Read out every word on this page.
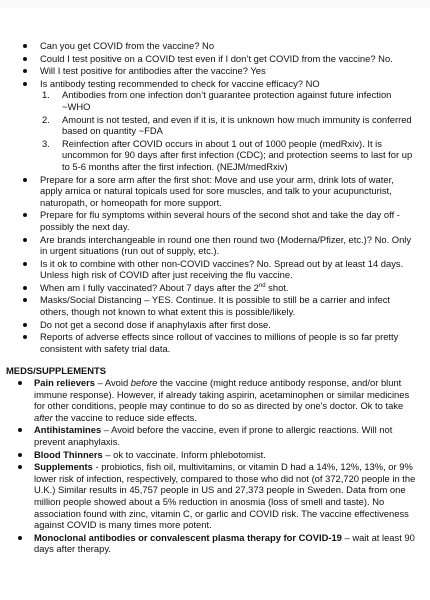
Can you get COVID from the vaccine? No
Could I test positive on a COVID test even if I don’t get COVID from the vaccine? No.
Will I test positive for antibodies after the vaccine? Yes
Is antibody testing recommended to check for vaccine efficacy? NO
1. Antibodies from one infection don’t guarantee protection against future infection ~WHO
2. Amount is not tested, and even if it is, it is unknown how much immunity is conferred based on quantity ~FDA
3. Reinfection after COVID occurs in about 1 out of 1000 people (medRxiv). It is uncommon for 90 days after first infection (CDC); and protection seems to last for up to 5-6 months after the first infection. (NEJM/medRxiv)
Prepare for a sore arm after the first shot: Move and use your arm, drink lots of water, apply arnica or natural topicals used for sore muscles, and talk to your acupuncturist, naturopath, or homeopath for more support.
Prepare for flu symptoms within several hours of the second shot and take the day off - possibly the next day.
Are brands interchangeable in round one then round two (Moderna/Pfizer, etc.)? No. Only in urgent situations (run out of supply, etc.).
Is it ok to combine with other non-COVID vaccines? No. Spread out by at least 14 days. Unless high risk of COVID after just receiving the flu vaccine.
When am I fully vaccinated? About 7 days after the 2nd shot.
Masks/Social Distancing – YES. Continue. It is possible to still be a carrier and infect others, though not known to what extent this is possible/likely.
Do not get a second dose if anaphylaxis after first dose.
Reports of adverse effects since rollout of vaccines to millions of people is so far pretty consistent with safety trial data.
MEDS/SUPPLEMENTS
Pain relievers – Avoid before the vaccine (might reduce antibody response, and/or blunt immune response). However, if already taking aspirin, acetaminophen or similar medicines for other conditions, people may continue to do so as directed by one's doctor. Ok to take after the vaccine to reduce side effects.
Antihistamines – Avoid before the vaccine, even if prone to allergic reactions. Will not prevent anaphylaxis.
Blood Thinners – ok to vaccinate. Inform phlebotomist.
Supplements - probiotics, fish oil, multivitamins, or vitamin D had a 14%, 12%, 13%, or 9% lower risk of infection, respectively, compared to those who did not (of 372,720 people in the U.K.) Similar results in 45,757 people in US and 27,373 people in Sweden. Data from one million people showed about a 5% reduction in anosmia (loss of smell and taste). No association found with zinc, vitamin C, or garlic and COVID risk. The vaccine effectiveness against COVID is many times more potent.
Monoclonal antibodies or convalescent plasma therapy for COVID-19 – wait at least 90 days after therapy.
